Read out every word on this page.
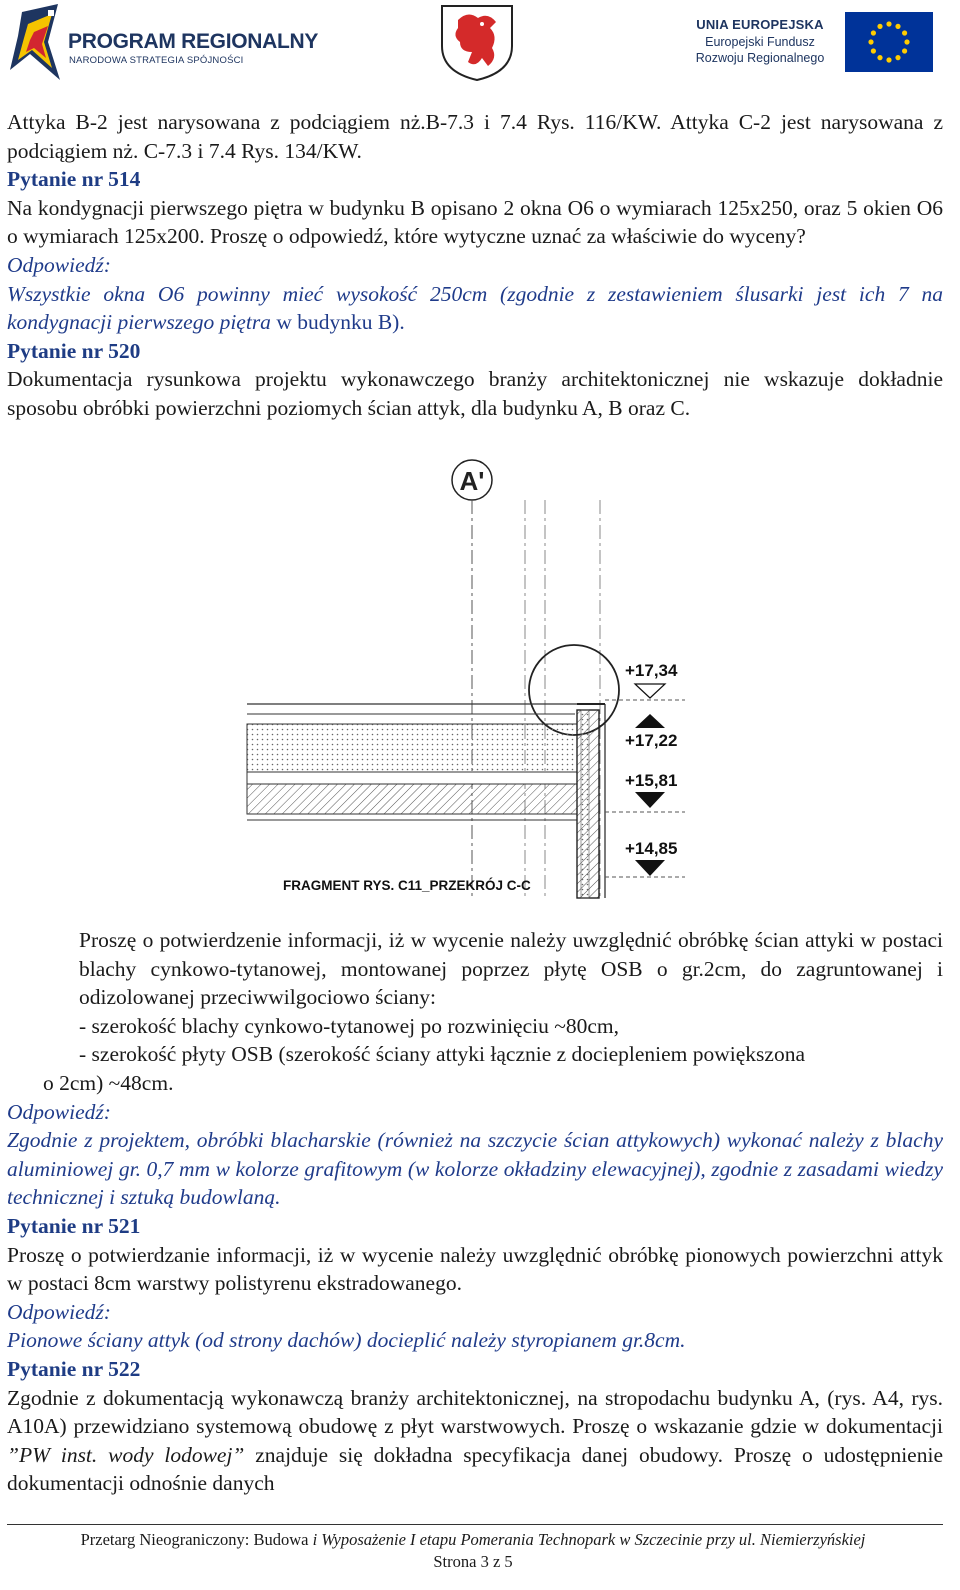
PROGRAM REGIONALNY
NARODOWA STRATEGIA SPÓJNOŚCI
UNIA EUROPEJSKA
Europejski Fundusz
Rozwoju Regionalnego

Attyka B-2 jest narysowana z podciągiem nż.B-7.3 i 7.4 Rys. 116/KW. Attyka C-2 jest narysowana z podciągiem nż. C-7.3 i 7.4 Rys. 134/KW.

Pytanie nr 514

Na kondygnacji pierwszego piętra w budynku B opisano 2 okna O6 o wymiarach 125x250, oraz 5 okien O6 o wymiarach 125x200. Proszę o odpowiedź, które wytyczne uznać za właściwie do wyceny?

Odpowiedź:

Wszystkie okna O6 powinny mieć wysokość 250cm (zgodnie z zestawieniem ślusarki jest ich 7 na kondygnacji pierwszego piętra w budynku B).

Pytanie nr 520

Dokumentacja rysunkowa projektu wykonawczego branży architektonicznej nie wskazuje dokładnie sposobu obróbki powierzchni poziomych ścian attyk, dla budynku A, B oraz C.

A'
+17,34
+17,22
+15,81
+14,85
FRAGMENT RYS. C11_PRZEKRÓJ C-C

Proszę o potwierdzenie informacji, iż w wycenie należy uwzględnić obróbkę ścian attyki w postaci blachy cynkowo-tytanowej, montowanej poprzez płytę OSB o gr.2cm, do zagruntowanej i odizolowanej przeciwwilgociowo ściany:

- szerokość blachy cynkowo-tytanowej po rozwinięciu ~80cm,

- szerokość płyty OSB (szerokość ściany attyki łącznie z dociepleniem powiększona

o 2cm) ~48cm.

Odpowiedź:

Zgodnie z projektem, obróbki blacharskie (również na szczycie ścian attykowych) wykonać należy z blachy aluminiowej gr. 0,7 mm w kolorze grafitowym (w kolorze okładziny elewacyjnej), zgodnie z zasadami wiedzy technicznej i sztuką budowlaną.

Pytanie nr 521

Proszę o potwierdzanie informacji, iż w wycenie należy uwzględnić obróbkę pionowych powierzchni attyk w postaci 8cm warstwy polistyrenu ekstradowanego.

Odpowiedź:

Pionowe ściany attyk (od strony dachów) docieplić należy styropianem gr.8cm.

Pytanie nr 522

Zgodnie z dokumentacją wykonawczą branży architektonicznej, na stropodachu budynku A, (rys. A4, rys. A10A) przewidziano systemową obudowę z płyt warstwowych. Proszę o wskazanie gdzie w dokumentacji ”PW inst. wody lodowej” znajduje się dokładna specyfikacja danej obudowy. Proszę o udostępnienie dokumentacji odnośnie danych

Przetarg Nieograniczony: Budowa i Wyposażenie I etapu Pomerania Technopark w Szczecinie przy ul. Niemierzyńskiej
Strona 3 z 5
